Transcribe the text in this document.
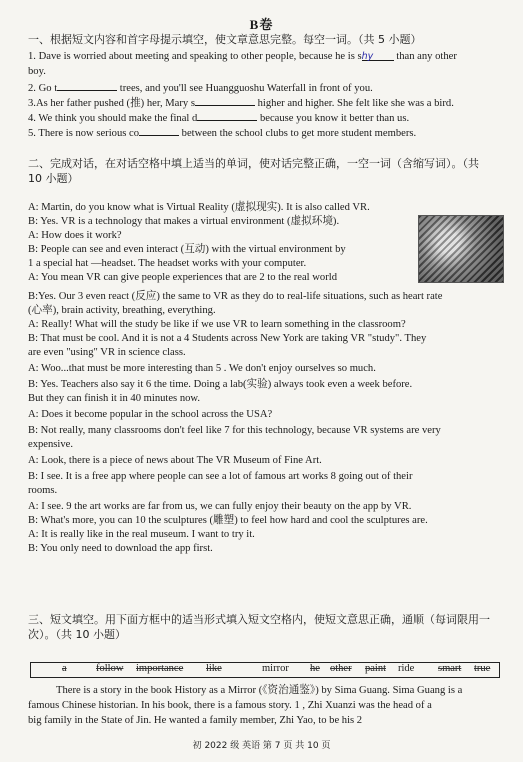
B卷
一、根据短文内容和首字母提示填空，使文章意思完整。每空一词。（共 5 小题）
1. Dave is worried about meeting and speaking to other people, because he is shy than any other
boy.
2. Go t	trees, and you'll see Huangguoshu Waterfall in front of you.
3.As her father pushed (推) her, Mary s	higher and higher. She felt like she was a bird.
4. We think you should make the final d	because you know it better than us.
5. There is now serious co	between the school clubs to get more student members.
二、完成对话，在对话空格中填上适当的单词，使对话完整正确，一空一词（含缩写词）。（共
10 小题）
A: Martin, do you know what is Virtual Reality (虚拟现实). It is also called VR.
B: Yes. VR is a technology that makes a virtual environment (虚拟环境).
A: How does it work?
B: People can see and even interact (互动) with the virtual environment by
1 a special hat —headset. The headset works with your computer.
A: You mean VR can give people experiences that are 2 to the real world
B:Yes. Our 3 even react (反应) the same to VR as they do to real-life situations, such as heart rate
(心率), brain activity, breathing, everything.
A: Really! What will the study be like if we use VR to learn something in the classroom?
B: That must be cool. And it is not a 4 Students across New York are taking VR "study". They
are even "using" VR in science class.
A: Woo...that must be more interesting than 5 . We don't enjoy ourselves so much.
B: Yes. Teachers also say it 6 the time. Doing a lab(实验) always took even a week before.
But they can finish it in 40 minutes now.
A: Does it become popular in the school across the USA?
B: Not really, many classrooms don't feel like 7 for this technology, because VR systems are very
expensive.
A: Look, there is a piece of news about The VR Museum of Fine Art.
B: I see. It is a free app where people can see a lot of famous art works 8 going out of their
rooms.
A: I see. 9 the art works are far from us, we can fully enjoy their beauty on the app by VR.
B: What's more, you can 10 the sculptures (雕塑) to feel how hard and cool the sculptures are.
A: It is really like in the real museum. I want to try it.
B: You only need to download the app first.
三、短文填空。用下面方框中的适当形式填入短文空格内，使短文意思正确，通顺（每词限用一
次）。（共 10 小题）
a	follow importance like	mirror he other paint ride smart true
There is a story in the book History as a Mirror (《资治通鉴》) by Sima Guang. Sima Guang is a
famous Chinese historian. In his book, there is a famous story. 1 , Zhi Xuanzi was the head of a
big family in the State of Jin. He wanted a family member, Zhi Yao, to be his 2
初 2022 级 英语 第 7 页 共 10 页
